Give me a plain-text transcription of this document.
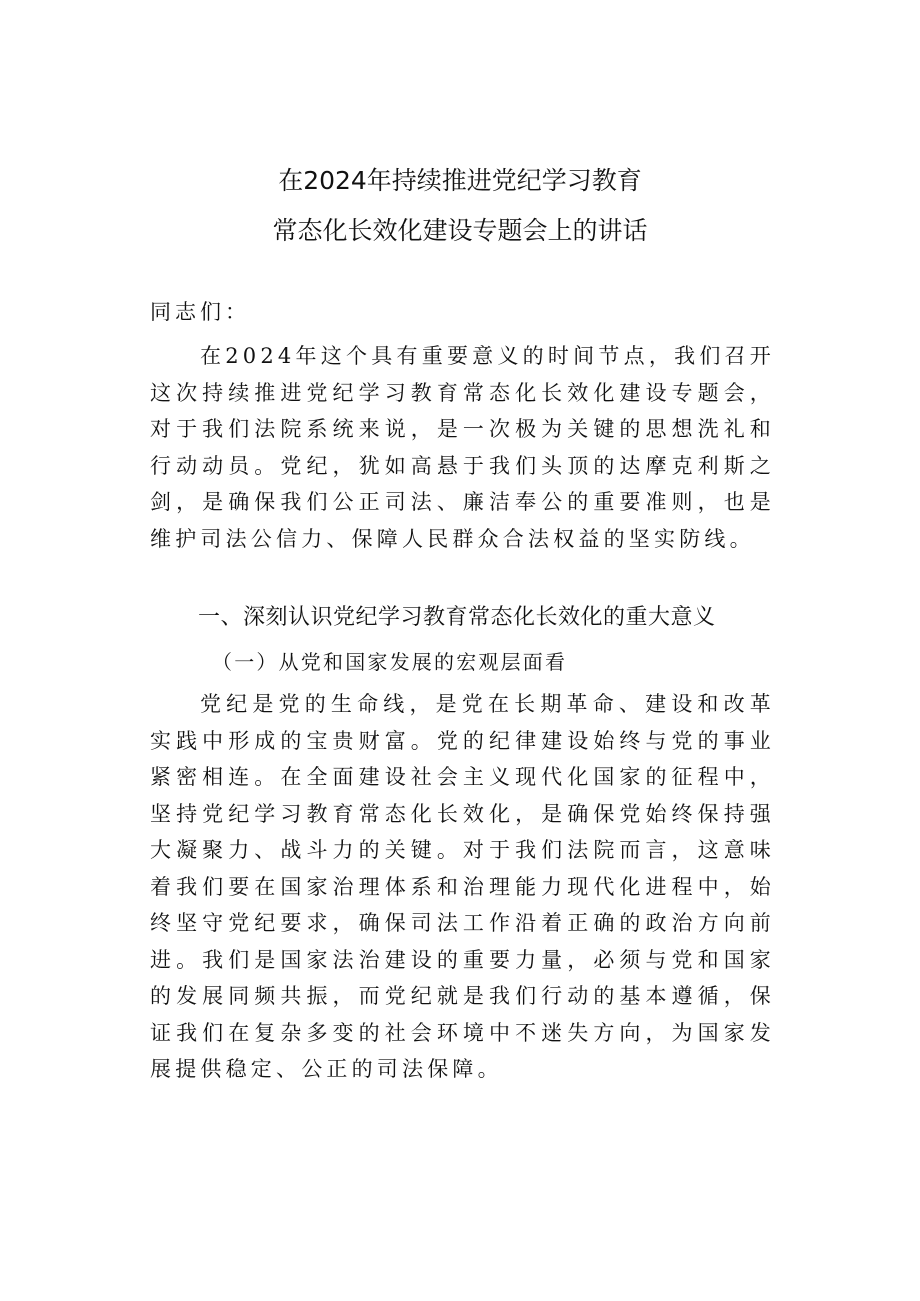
在2024年持续推进党纪学习教育
常态化长效化建设专题会上的讲话
同志们：
在2024年这个具有重要意义的时间节点，我们召开这次持续推进党纪学习教育常态化长效化建设专题会，对于我们法院系统来说，是一次极为关键的思想洗礼和行动动员。党纪，犹如高悬于我们头顶的达摩克利斯之剑，是确保我们公正司法、廉洁奉公的重要准则，也是维护司法公信力、保障人民群众合法权益的坚实防线。
一、深刻认识党纪学习教育常态化长效化的重大意义
（一）从党和国家发展的宏观层面看
党纪是党的生命线，是党在长期革命、建设和改革实践中形成的宝贵财富。党的纪律建设始终与党的事业紧密相连。在全面建设社会主义现代化国家的征程中，坚持党纪学习教育常态化长效化，是确保党始终保持强大凝聚力、战斗力的关键。对于我们法院而言，这意味着我们要在国家治理体系和治理能力现代化进程中，始终坚守党纪要求，确保司法工作沿着正确的政治方向前进。我们是国家法治建设的重要力量，必须与党和国家的发展同频共振，而党纪就是我们行动的基本遵循，保证我们在复杂多变的社会环境中不迷失方向，为国家发展提供稳定、公正的司法保障。
